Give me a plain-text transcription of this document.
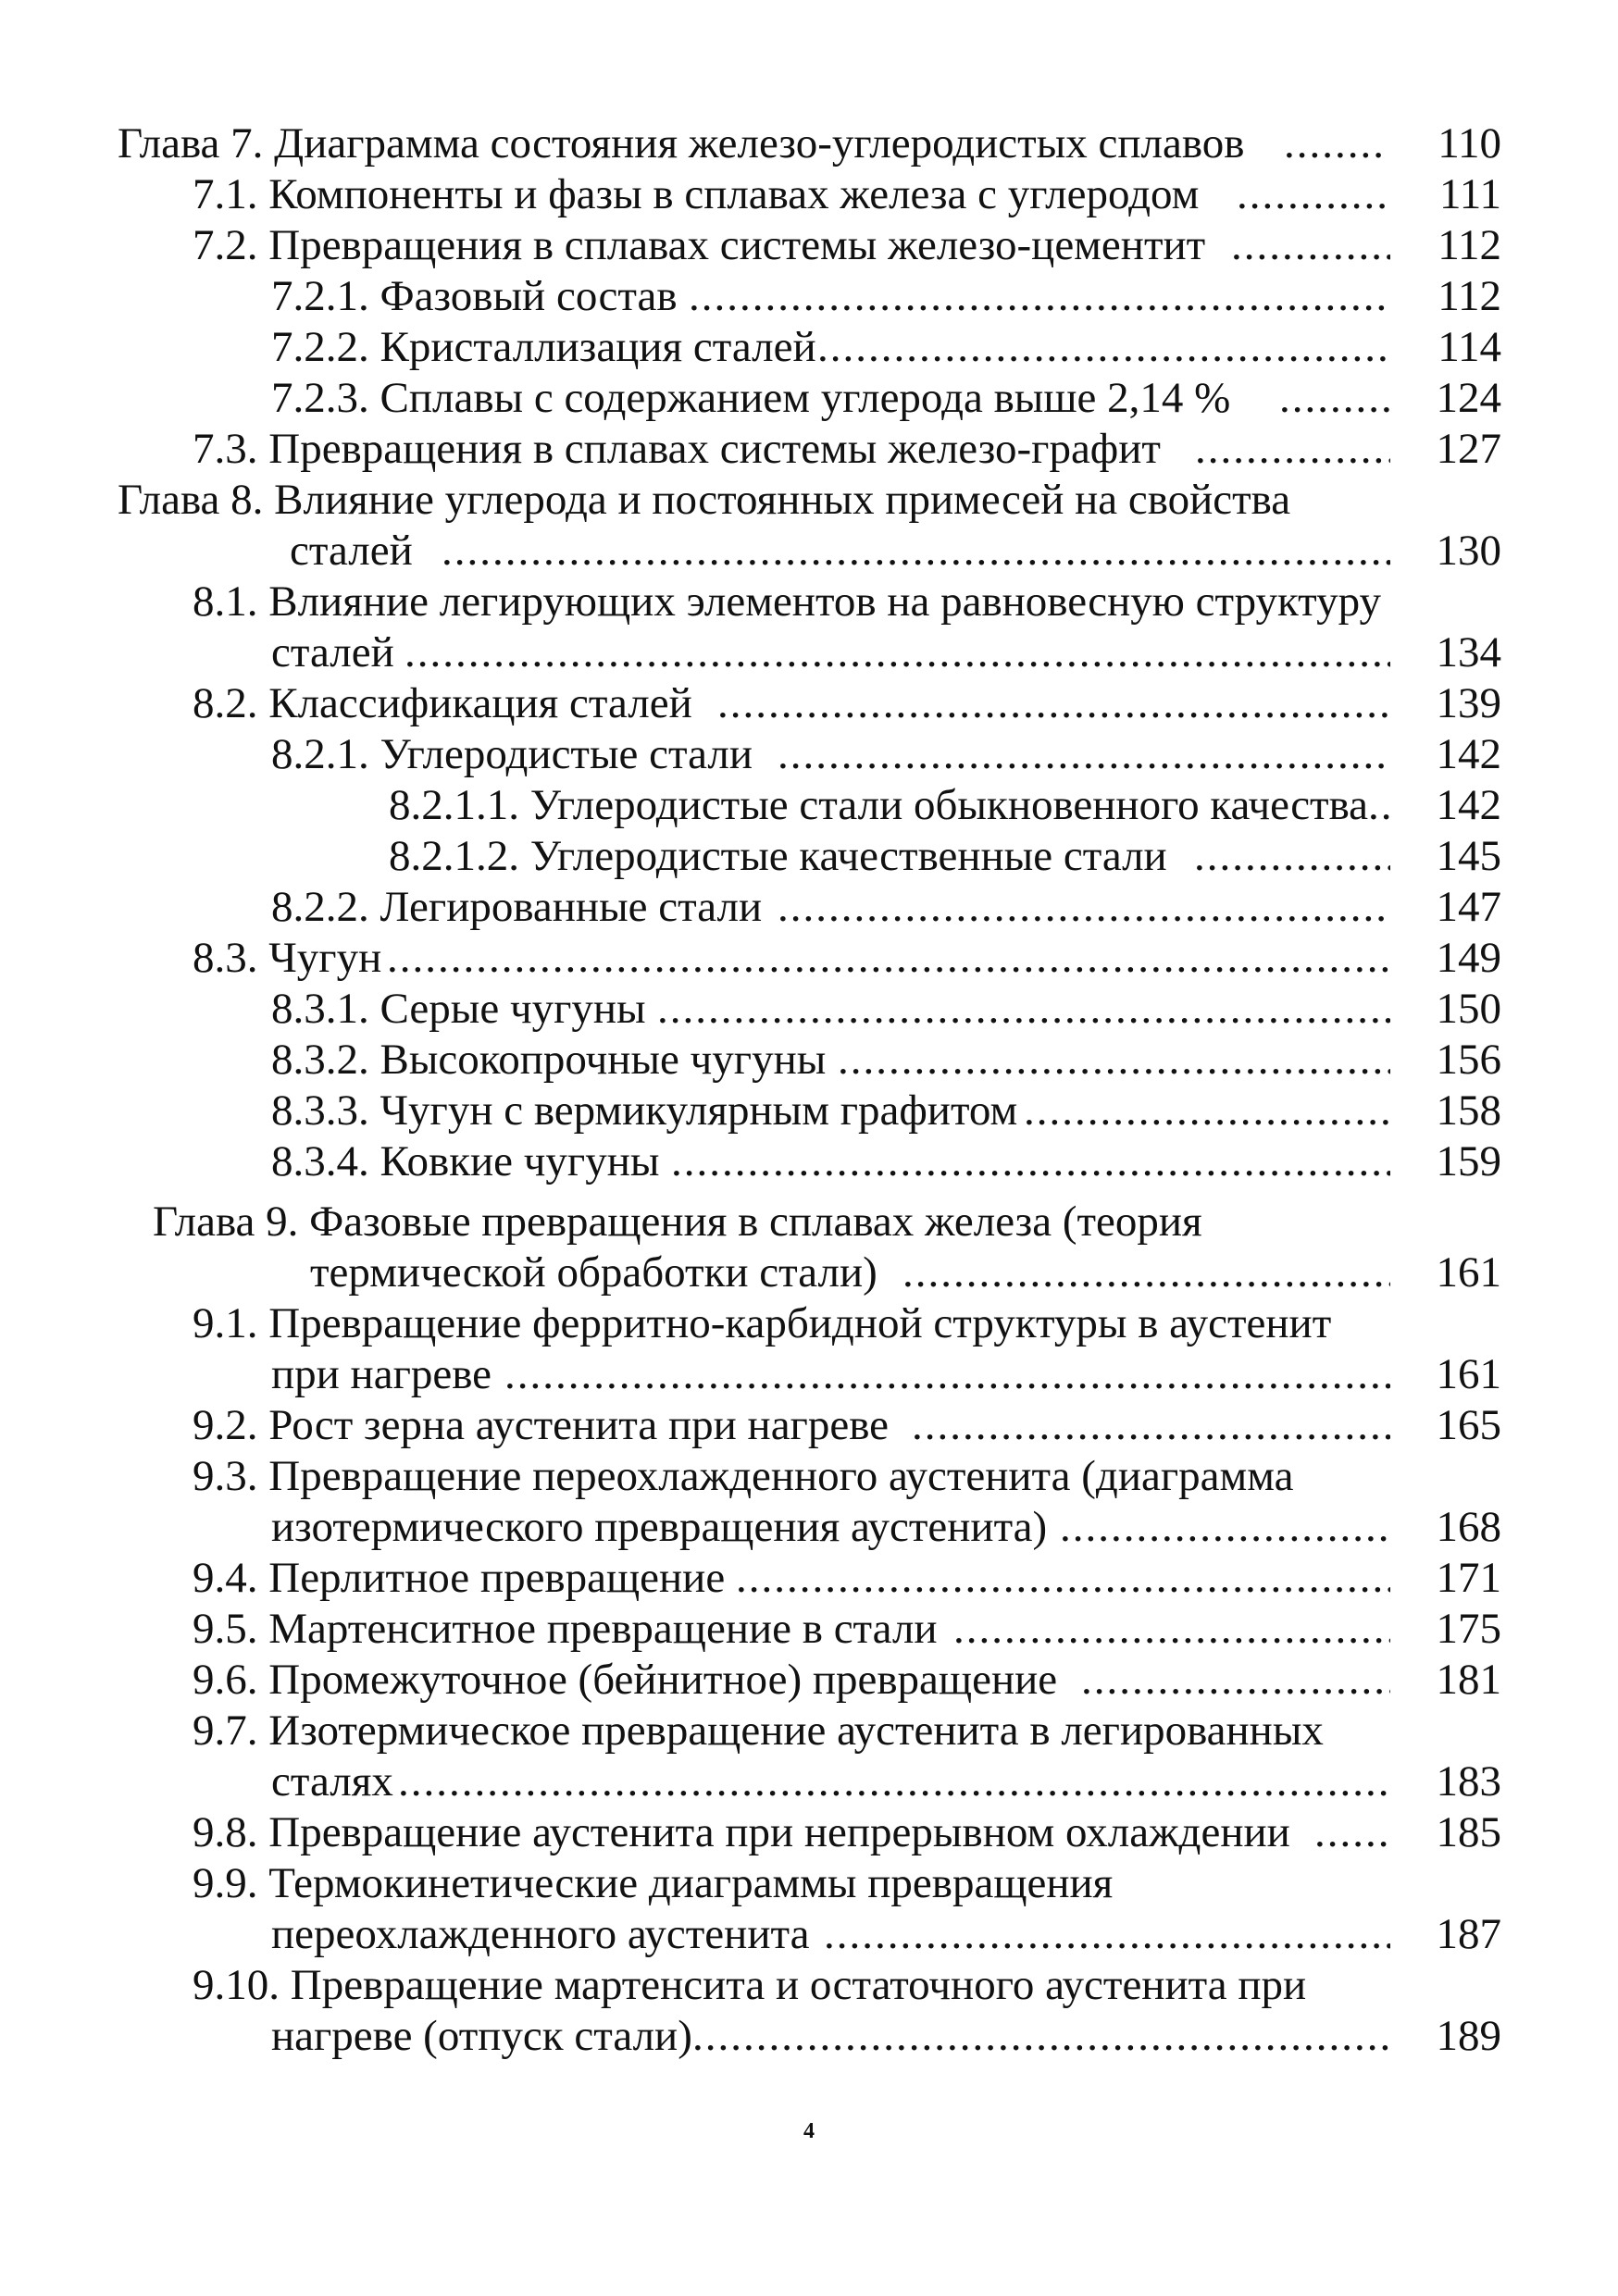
Глава 7. Диаграмма состояния железо-углеродистых сплавов .....	110
7.1. Компоненты и фазы в сплавах железа с углеродом .....	111
7.2. Превращения в сплавах системы железо-цементит .....	112
7.2.1. Фазовый состав .....	112
7.2.2. Кристаллизация сталей .....	114
7.2.3. Сплавы с содержанием углерода выше 2,14 % .....	124
7.3. Превращения в сплавах системы железо-графит .....	127
Глава 8. Влияние углерода и постоянных примесей на свойства
сталей .....	130
8.1. Влияние легирующих элементов на равновесную структуру
сталей .....	134
8.2. Классификация сталей .....	139
8.2.1. Углеродистые стали .....	142
8.2.1.1. Углеродистые стали обыкновенного качества .....	142
8.2.1.2. Углеродистые качественные стали .....	145
8.2.2. Легированные стали .....	147
8.3. Чугун .....	149
8.3.1. Серые чугуны .....	150
8.3.2. Высокопрочные чугуны .....	156
8.3.3. Чугун с вермикулярным графитом .....	158
8.3.4. Ковкие чугуны .....	159
Глава 9. Фазовые превращения в сплавах железа (теория
термической обработки стали) .....	161
9.1. Превращение ферритно-карбидной структуры в аустенит
при нагреве .....	161
9.2. Рост зерна аустенита при нагреве .....	165
9.3. Превращение переохлажденного аустенита (диаграмма
изотермического превращения аустенита) .....	168
9.4. Перлитное превращение .....	171
9.5. Мартенситное превращение в стали .....	175
9.6. Промежуточное (бейнитное) превращение .....	181
9.7. Изотермическое превращение аустенита в легированных
сталях .....	183
9.8. Превращение аустенита при непрерывном охлаждении .....	185
9.9. Термокинетические диаграммы превращения
переохлажденного аустенита .....	187
9.10. Превращение мартенсита и остаточного аустенита при
нагреве (отпуск стали) .....	189
4
